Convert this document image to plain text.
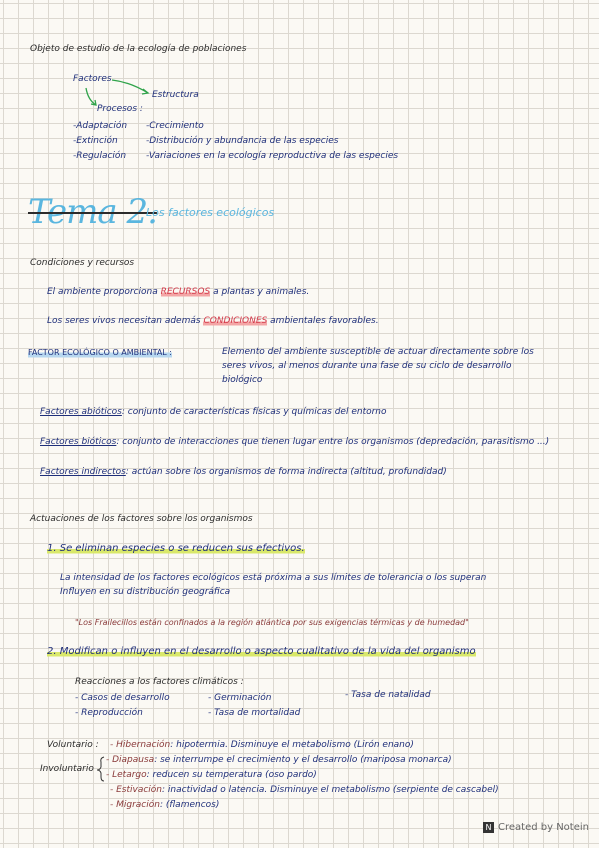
Objeto de estudio de la ecología de poblaciones
Factores
Estructura
Procesos :
-Adaptación
-Extinción
-Regulación
-Crecimiento
-Distribución y abundancia de las especies
-Variaciones en la ecología reproductiva de las especies
Tema 2.
Los factores ecológicos
Condiciones y recursos
El ambiente proporciona RECURSOS a plantas y animales.
Los seres vivos necesitan además CONDICIONES ambientales favorables.
FACTOR ECOLÓGICO O AMBIENTAL :	Elemento del ambiente susceptible de actuar directamente sobre los
seres vivos, al menos durante una fase de su ciclo de desarrollo
biológico
Factores abióticos: conjunto de características físicas y químicas del entorno
Factores bióticos: conjunto de interacciones que tienen lugar entre los organismos (depredación, parasitismo ...)
Factores indirectos: actúan sobre los organismos de forma indirecta (altitud, profundidad)
Actuaciones de los factores sobre los organismos
1. Se eliminan especies o se reducen sus efectivos.
La intensidad de los factores ecológicos está próxima a sus límites de tolerancia o los superan
Influyen en su distribución geográfica
"Los Frailecillos están confinados a la región atlántica por sus exigencias térmicas y de humedad"
2. Modifican o influyen en el desarrollo o aspecto cualitativo de la vida del organismo
Reacciones a los factores climáticos :
- Casos de desarrollo
- Reproducción
- Germinación
- Tasa de mortalidad
- Tasa de natalidad
Voluntario : - Hibernación: hipotermia. Disminuye el metabolismo (Lirón enano)
Involuntario
- Diapausa: se interrumpe el crecimiento y el desarrollo (mariposa monarca)
- Letargo: reducen su temperatura (oso pardo)
- Estivación: inactividad o latencia. Disminuye el metabolismo (serpiente de cascabel)
- Migración: (flamencos)
N Created by Notein
